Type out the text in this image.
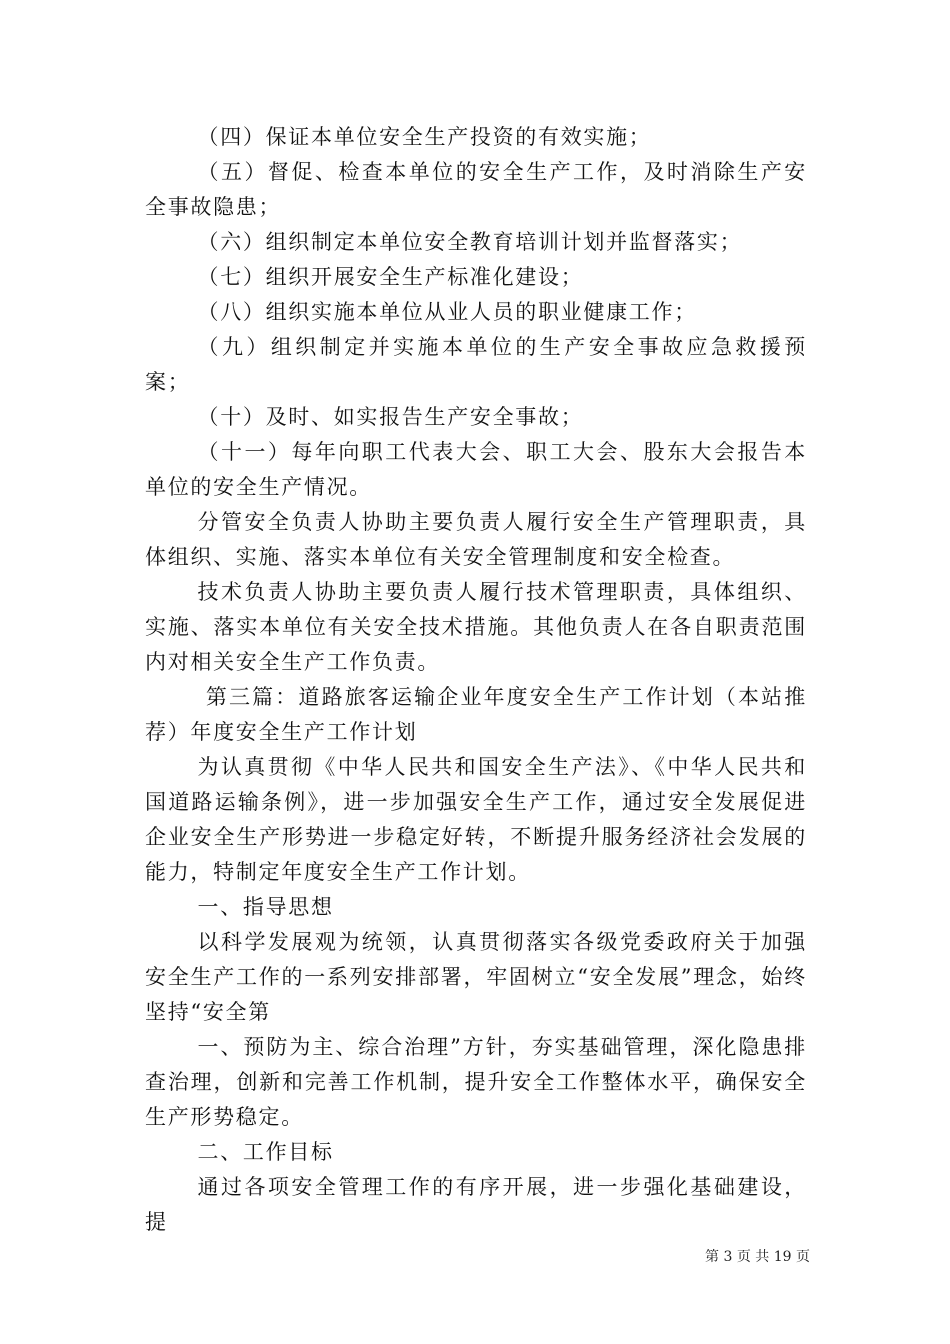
（四）保证本单位安全生产投资的有效实施；

（五）督促、检查本单位的安全生产工作，及时消除生产安全事故隐患；

（六）组织制定本单位安全教育培训计划并监督落实；

（七）组织开展安全生产标准化建设；

（八）组织实施本单位从业人员的职业健康工作；

（九）组织制定并实施本单位的生产安全事故应急救援预案；

（十）及时、如实报告生产安全事故；

（十一）每年向职工代表大会、职工大会、股东大会报告本单位的安全生产情况。

分管安全负责人协助主要负责人履行安全生产管理职责，具体组织、实施、落实本单位有关安全管理制度和安全检查。

技术负责人协助主要负责人履行技术管理职责，具体组织、实施、落实本单位有关安全技术措施。其他负责人在各自职责范围内对相关安全生产工作负责。

第三篇：道路旅客运输企业年度安全生产工作计划（本站推荐）年度安全生产工作计划

为认真贯彻《中华人民共和国安全生产法》、《中华人民共和国道路运输条例》，进一步加强安全生产工作，通过安全发展促进企业安全生产形势进一步稳定好转，不断提升服务经济社会发展的能力，特制定年度安全生产工作计划。

一、指导思想

以科学发展观为统领，认真贯彻落实各级党委政府关于加强安全生产工作的一系列安排部署，牢固树立“安全发展”理念，始终坚持“安全第

一、预防为主、综合治理”方针，夯实基础管理，深化隐患排查治理，创新和完善工作机制，提升安全工作整体水平，确保安全生产形势稳定。

二、工作目标

通过各项安全管理工作的有序开展，进一步强化基础建设，提

第 3 页 共 19 页
